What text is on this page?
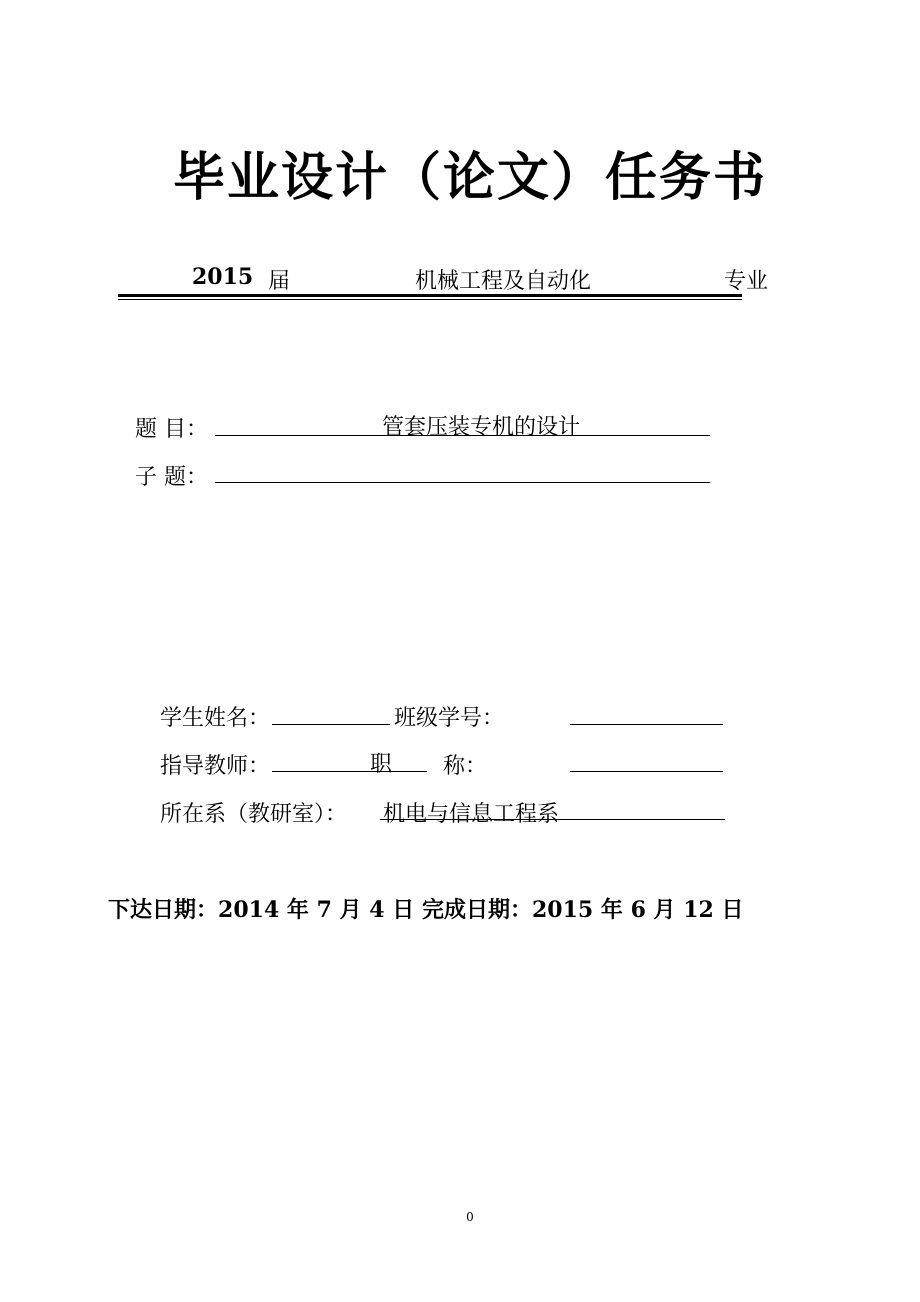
毕业设计（论文）任务书
2015 届	机械工程及自动化	专业
题 目：	管套压装专机的设计
子 题：
学生姓名：	班级学号：
指导教师：	职 称：
所在系（教研室）： 机电与信息工程系
下达日期：2014 年 7 月 4 日 完成日期：2015 年 6 月 12 日
0
